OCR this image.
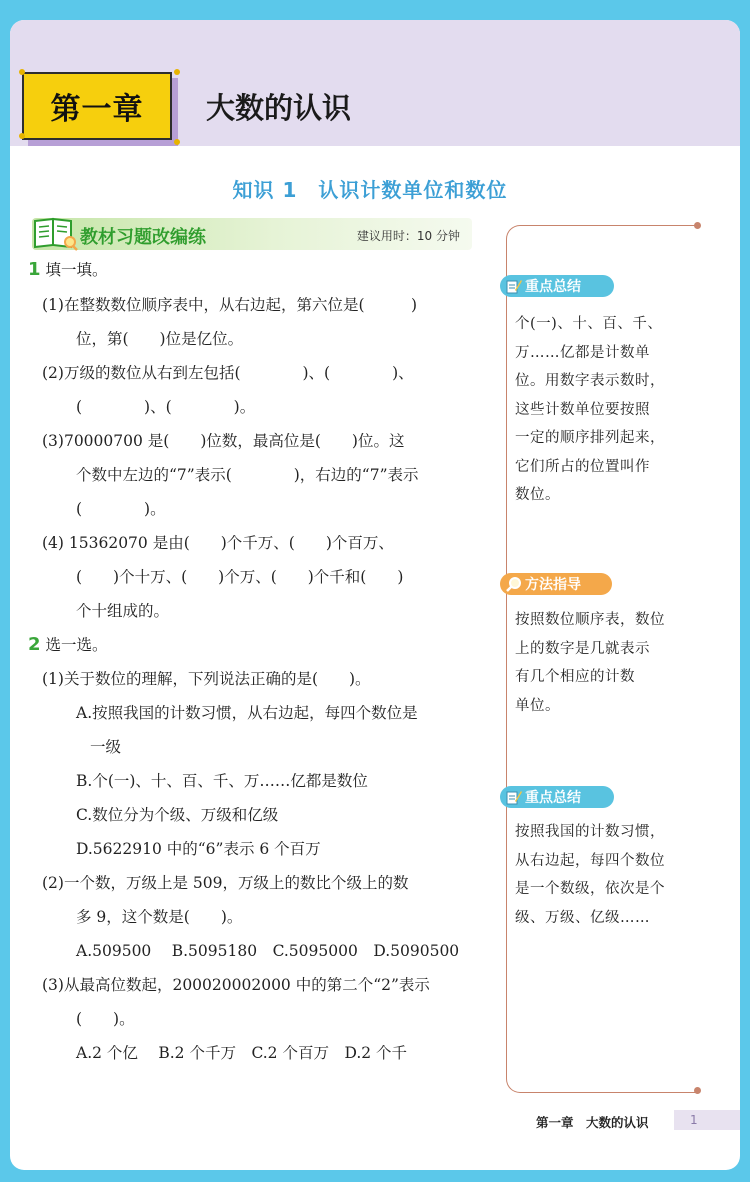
第一章 大数的认识
知识 1　认识计数单位和数位
教材习题改编练	建议用时：10 分钟
1 填一填。
(1)在整数数位顺序表中，从右边起，第六位是(　　　)
位，第(　　)位是亿位。
(2)万级的数位从右到左包括(　　　　)、(　　　　)、
(　　　　)、(　　　　)。
(3)70000700 是(　　)位数，最高位是(　　)位。这
个数中左边的“7”表示(　　　　)，右边的“7”表示
(　　　　)。
(4) 15362070 是由(　　)个千万、(　　)个百万、
(　　)个十万、(　　)个万、(　　)个千和(　　)
个十组成的。
2 选一选。
(1)关于数位的理解，下列说法正确的是(　　)。
A.按照我国的计数习惯，从右边起，每四个数位是
一级
B.个(一)、十、百、千、万……亿都是数位
C.数位分为个级、万级和亿级
D.5622910 中的“6”表示 6 个百万
(2)一个数，万级上是 509，万级上的数比个级上的数
多 9，这个数是(　　)。
A.509500　 B.5095180　C.5095000　D.5090500
(3)从最高位数起，200020002000 中的第二个“2”表示
(　　)。
A.2 个亿　 B.2 个千万　C.2 个百万　D.2 个千
重点总结
个(一)、十、百、千、
万……亿都是计数单
位。用数字表示数时，
这些计数单位要按照
一定的顺序排列起来，
它们所占的位置叫作
数位。
方法指导
按照数位顺序表，数位
上的数字是几就表示
有几个相应的计数
单位。
重点总结
按照我国的计数习惯，
从右边起，每四个数位
是一个数级，依次是个
级、万级、亿级……
第一章　大数的认识	1
